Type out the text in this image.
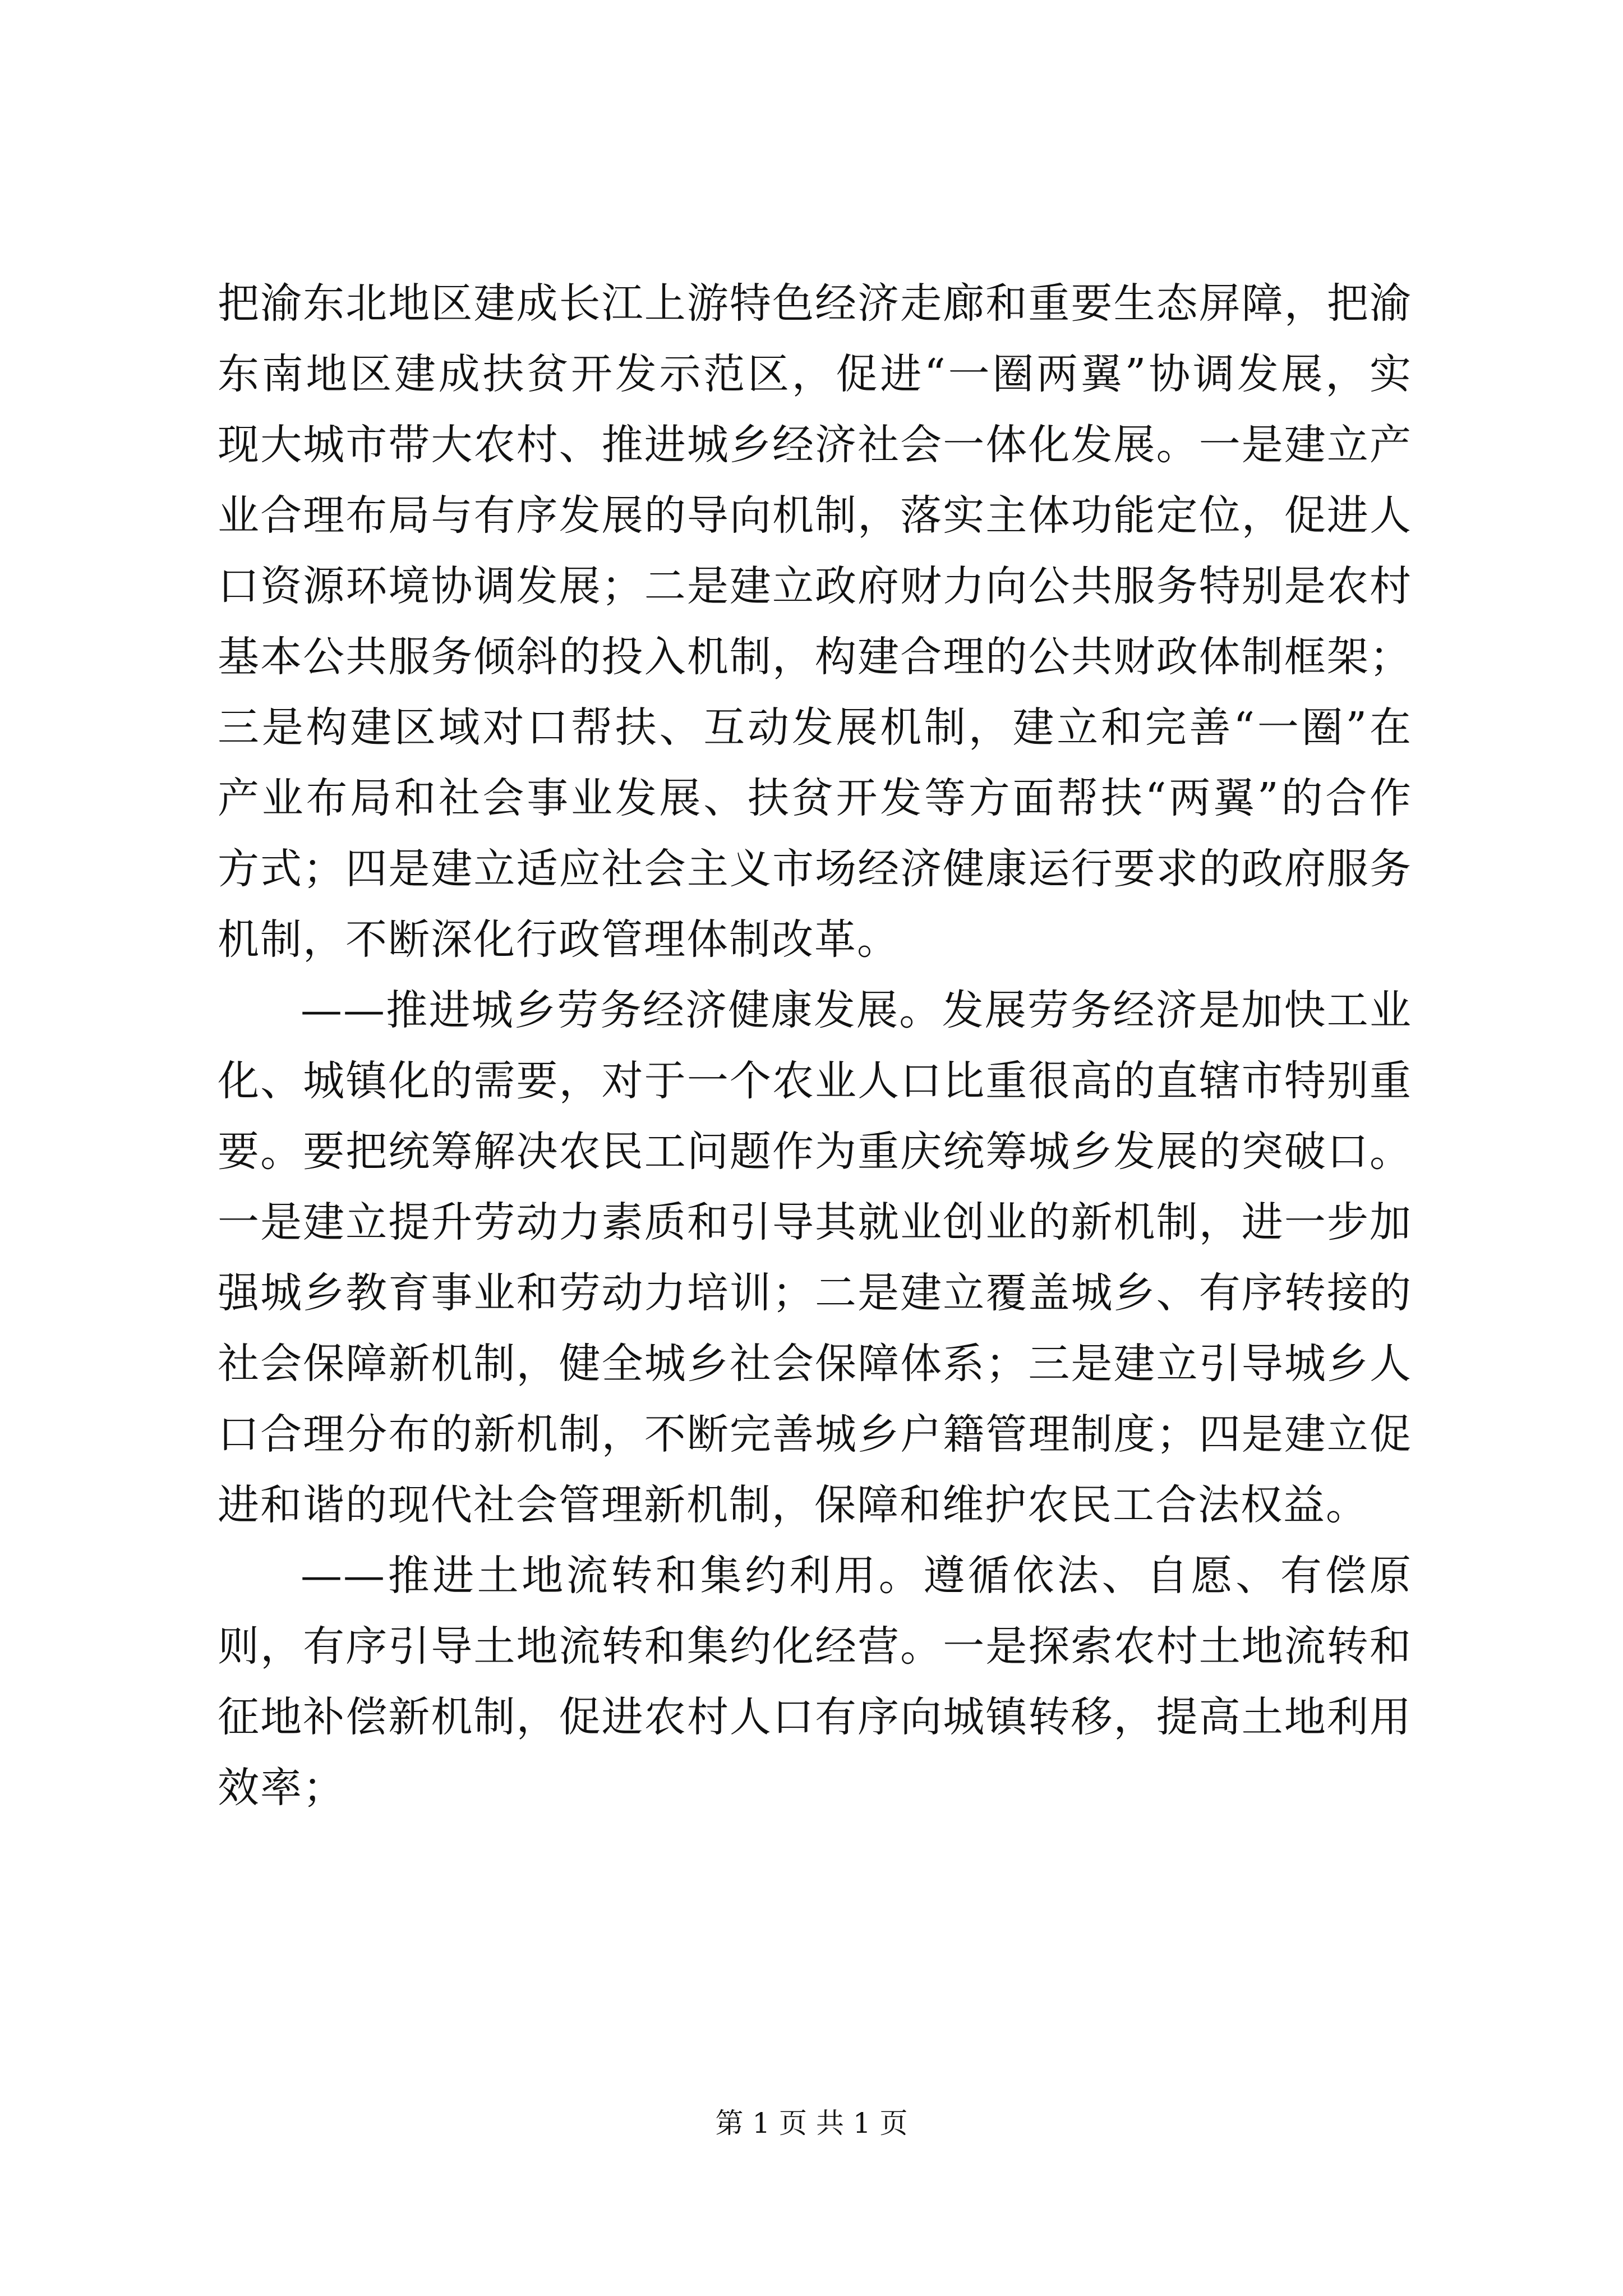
把渝东北地区建成长江上游特色经济走廊和重要生态屏障，把渝东南地区建成扶贫开发示范区，促进“一圈两翼”协调发展，实现大城市带大农村、推进城乡经济社会一体化发展。一是建立产业合理布局与有序发展的导向机制，落实主体功能定位，促进人口资源环境协调发展；二是建立政府财力向公共服务特别是农村基本公共服务倾斜的投入机制，构建合理的公共财政体制框架；三是构建区域对口帮扶、互动发展机制，建立和完善“一圈”在产业布局和社会事业发展、扶贫开发等方面帮扶“两翼”的合作方式；四是建立适应社会主义市场经济健康运行要求的政府服务机制，不断深化行政管理体制改革。

——推进城乡劳务经济健康发展。发展劳务经济是加快工业化、城镇化的需要，对于一个农业人口比重很高的直辖市特别重要。要把统筹解决农民工问题作为重庆统筹城乡发展的突破口。一是建立提升劳动力素质和引导其就业创业的新机制，进一步加强城乡教育事业和劳动力培训；二是建立覆盖城乡、有序转接的社会保障新机制，健全城乡社会保障体系；三是建立引导城乡人口合理分布的新机制，不断完善城乡户籍管理制度；四是建立促进和谐的现代社会管理新机制，保障和维护农民工合法权益。

——推进土地流转和集约利用。遵循依法、自愿、有偿原则，有序引导土地流转和集约化经营。一是探索农村土地流转和征地补偿新机制，促进农村人口有序向城镇转移，提高土地利用效率；

第 1 页 共 1 页
